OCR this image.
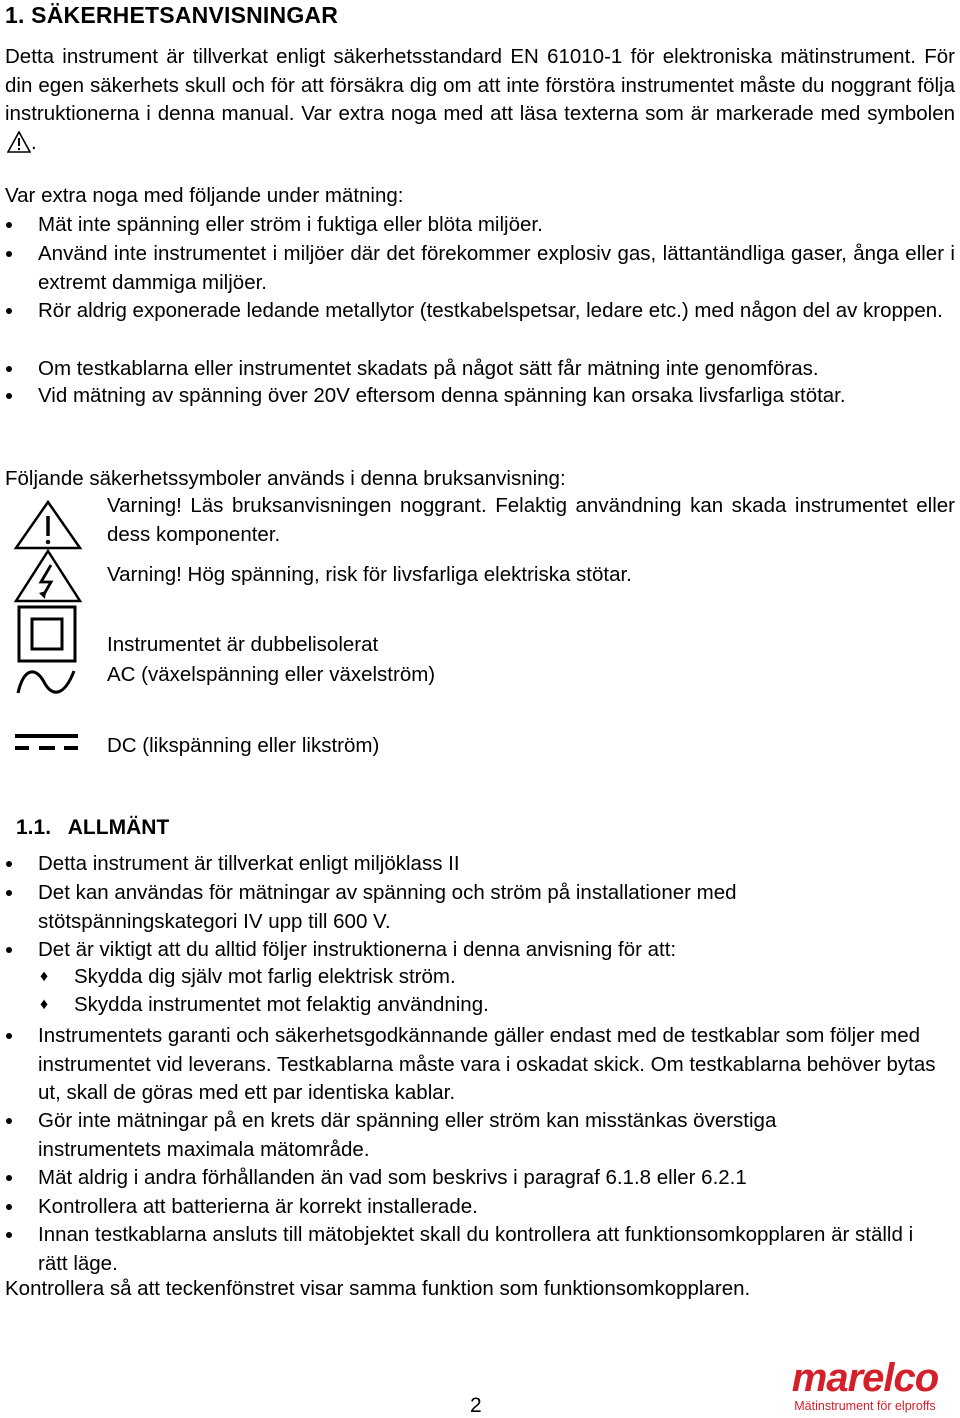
1. SÄKERHETSANVISNINGAR
Detta instrument är tillverkat enligt säkerhetsstandard EN 61010-1 för elektroniska mätinstrument. För din egen säkerhets skull och för att försäkra dig om att inte förstöra instrumentet måste du noggrant följa instruktionerna i denna manual. Var extra noga med att läsa texterna som är markerade med symbolen.
Var extra noga med följande under mätning:
Mät inte spänning eller ström i fuktiga eller blöta miljöer.
Använd inte instrumentet i miljöer där det förekommer explosiv gas, lättantändliga gaser, ånga eller i extremt dammiga miljöer.
Rör aldrig exponerade ledande metallytor (testkabelspetsar, ledare etc.) med någon del av kroppen.
Om testkablarna eller instrumentet skadats på något sätt får mätning inte genomföras.
Vid mätning av spänning över 20V eftersom denna spänning kan orsaka livsfarliga stötar.
Följande säkerhetssymboler används i denna bruksanvisning:
Varning! Läs bruksanvisningen noggrant. Felaktig användning kan skada instrumentet eller dess komponenter.
Varning! Hög spänning, risk för livsfarliga elektriska stötar.
Instrumentet är dubbelisolerat
AC (växelspänning eller växelström)
DC (likspänning eller likström)
1.1.   ALLMÄNT
Detta instrument är tillverkat enligt miljöklass II
Det kan användas för mätningar av spänning och ström på installationer med stötspänningskategori IV upp till 600 V.
Det är viktigt att du alltid följer instruktionerna i denna anvisning för att:
♦ Skydda dig själv mot farlig elektrisk ström.
♦ Skydda instrumentet mot felaktig användning.
Instrumentets garanti och säkerhetsgodkännande gäller endast med de testkablar som följer med instrumentet vid leverans. Testkablarna måste vara i oskadat skick. Om testkablarna behöver bytas ut, skall de göras med ett par identiska kablar.
Gör inte mätningar på en krets där spänning eller ström kan misstänkas överstiga instrumentets maximala mätområde.
Mät aldrig i andra förhållanden än vad som beskrivs i paragraf 6.1.8 eller 6.2.1
Kontrollera att batterierna är korrekt installerade.
Innan testkablarna ansluts till mätobjektet skall du kontrollera att funktionsomkopplaren är ställd i rätt läge.
Kontrollera så att teckenfönstret visar samma funktion som funktionsomkopplaren.
2
marelco
Mätinstrument för elproffs
